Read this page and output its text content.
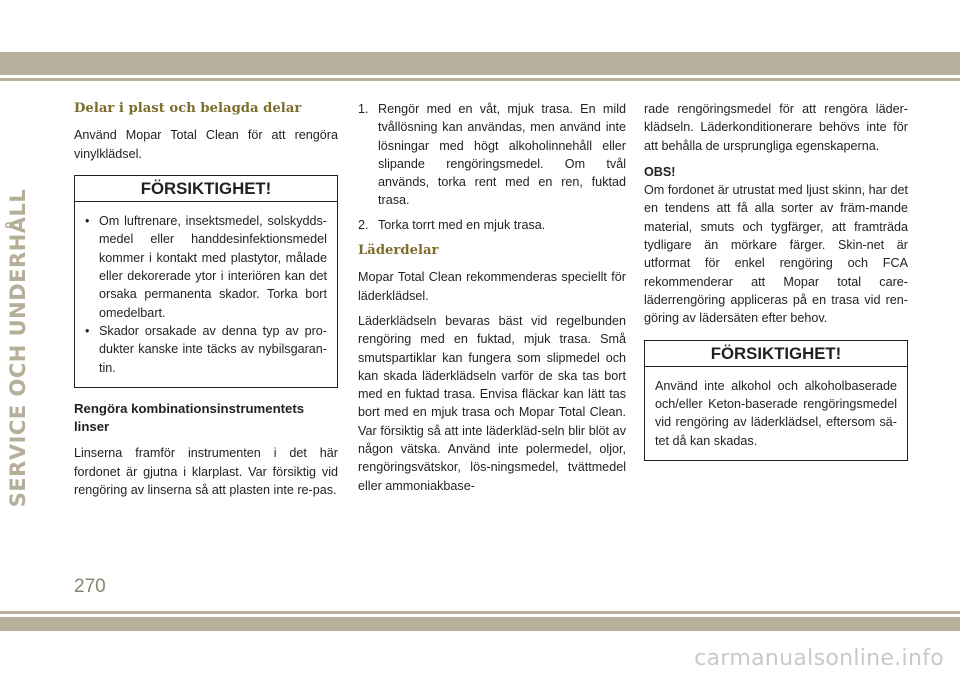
SERVICE OCH UNDERHÅLL
Delar i plast och belagda delar

Använd Mopar Total Clean för att rengöra vinylklädsel.

FÖRSIKTIGHET!
• Om luftrenare, insektsmedel, solskydds-medel eller handdesinfektionsmedel kommer i kontakt med plastytor, målade eller dekorerade ytor i interiören kan det orsaka permanenta skador. Torka bort omedelbart.
• Skador orsakade av denna typ av pro-dukter kanske inte täcks av nybilsgaran-tin.
Rengöra kombinationsinstrumentets linser

Linserna framför instrumenten i det här fordonet är gjutna i klarplast. Var försiktig vid rengöring av linserna så att plasten inte re-pas.

1. Rengör med en våt, mjuk trasa. En mild tvållösning kan användas, men använd inte lösningar med högt alkoholinnehåll eller slipande rengöringsmedel. Om tvål används, torka rent med en ren, fuktad trasa.
2. Torka torrt med en mjuk trasa.
Läderdelar

Mopar Total Clean rekommenderas speciellt för läderklädsel.

Läderklädseln bevaras bäst vid regelbunden rengöring med en fuktad, mjuk trasa. Små smutspartiklar kan fungera som slipmedel och kan skada läderklädseln varför de ska tas bort med en fuktad trasa. Envisa fläckar kan lätt tas bort med en mjuk trasa och Mopar Total Clean. Var försiktig så att inte läderkläd-seln blir blöt av någon vätska. Använd inte polermedel, oljor, rengöringsvätskor, lös-ningsmedel, tvättmedel eller ammoniakbase-

rade rengöringsmedel för att rengöra läder-klädseln. Läderkonditionerare behövs inte för att behålla de ursprungliga egenskaperna.

OBS!

Om fordonet är utrustat med ljust skinn, har det en tendens att få alla sorter av främ-mande material, smuts och tygfärger, att framträda tydligare än mörkare färger. Skin-net är utformat för enkel rengöring och FCA rekommenderar att Mopar total care-läderrengöring appliceras på en trasa vid ren-göring av lädersäten efter behov.

FÖRSIKTIGHET!

Använd inte alkohol och alkoholbaserade och/eller Keton-baserade rengöringsmedel vid rengöring av läderklädsel, eftersom sä-tet då kan skadas.

270
carmanualsonline.info
